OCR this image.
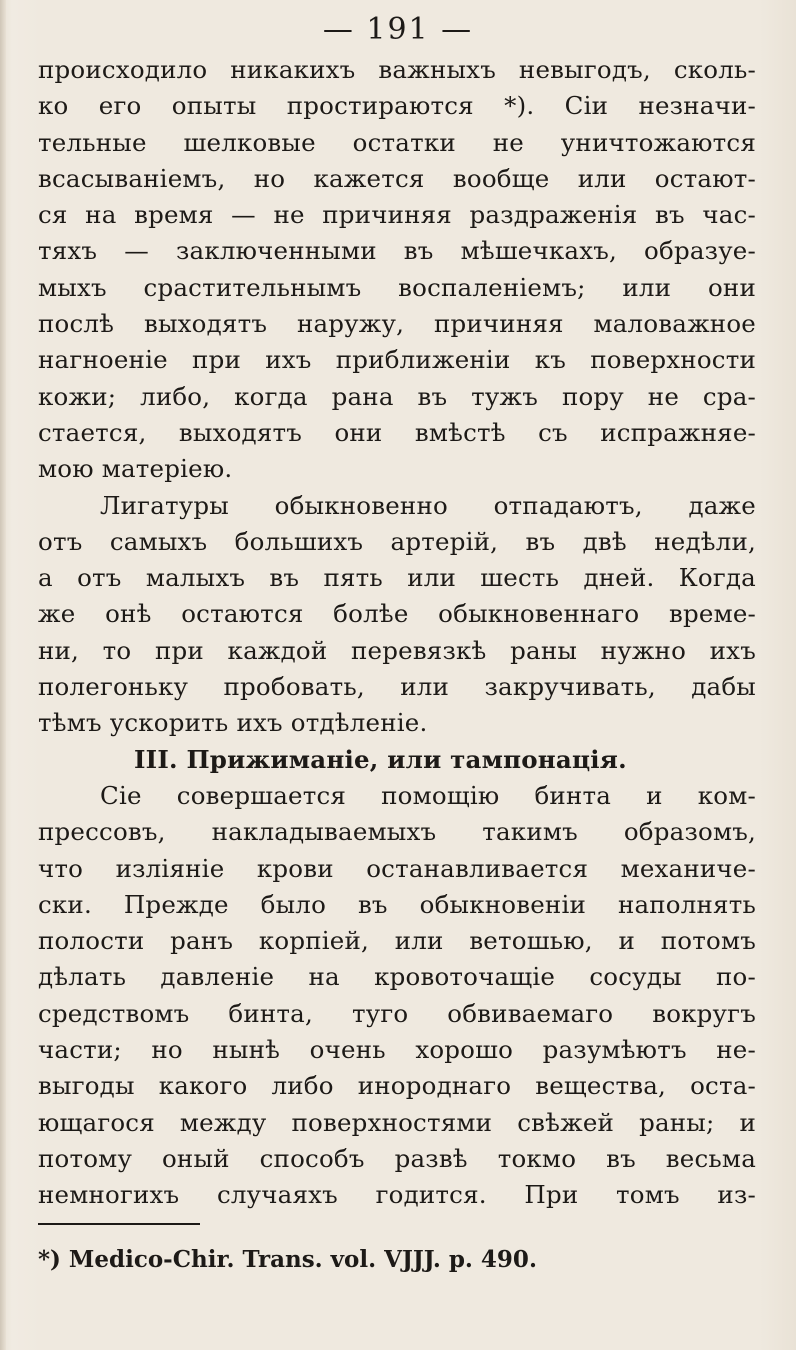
— 191 —
происходило никакихъ важныхъ невыгодъ, сколь-
ко его опыты простираются *). Сіи незначи-
тельные шелковые остатки не уничтожаются
всасываніемъ, но кажется вообще или остают-
ся на время — не причиняя раздраженія въ час-
тяхъ — заключенными въ мѣшечкахъ, образуе-
мыхъ срастительнымъ воспаленіемъ; или они
послѣ выходятъ наружу, причиняя маловажное
нагноеніе при ихъ приближеніи къ поверхности
кожи; либо, когда рана въ тужъ пору не сра-
стается, выходятъ они вмѣстѣ съ испражняе-
мою матеріею.
Лигатуры обыкновенно отпадаютъ, даже
отъ самыхъ большихъ артерій, въ двѣ недѣли,
а отъ малыхъ въ пять или шесть дней. Когда
же онѣ остаются болѣе обыкновеннаго време-
ни, то при каждой перевязкѣ раны нужно ихъ
полегоньку пробовать, или закручивать, дабы
тѣмъ ускорить ихъ отдѣленіе.
III. Прижиманіе, или тампонація.
Сіе совершается помощію бинта и ком-
прессовъ, накладываемыхъ такимъ образомъ,
что изліяніе крови останавливается механиче-
ски. Прежде было въ обыкновеніи наполнять
полости ранъ корпіей, или ветошью, и потомъ
дѣлать давленіе на кровоточащіе сосуды по-
средствомъ бинта, туго обвиваемаго вокругъ
части; но нынѣ очень хорошо разумѣютъ не-
выгоды какого либо инороднаго вещества, оста-
ющагося между поверхностями свѣжей раны; и
потому оный способъ развѣ токмо въ весьма
немногихъ случаяхъ годится. При томъ из-
*) Medico-Chir. Trans. vol. VJJJ. p. 490.
